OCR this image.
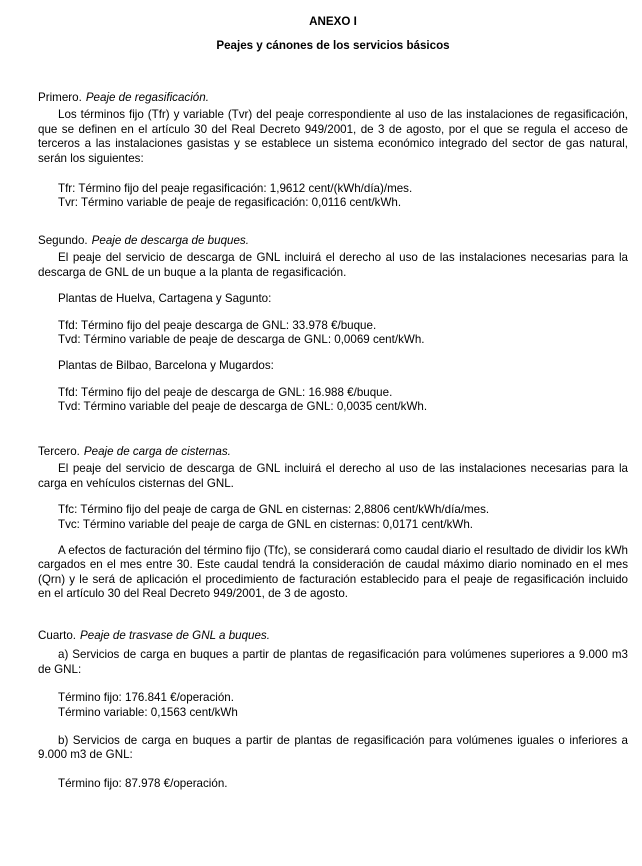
ANEXO I
Peajes y cánones de los servicios básicos

Primero. Peaje de regasificación.

Los términos fijo (Tfr) y variable (Tvr) del peaje correspondiente al uso de las instalaciones de regasificación, que se definen en el artículo 30 del Real Decreto 949/2001, de 3 de agosto, por el que se regula el acceso de terceros a las instalaciones gasistas y se establece un sistema económico integrado del sector de gas natural, serán los siguientes:

Tfr: Término fijo del peaje regasificación: 1,9612 cent/(kWh/día)/mes.

Tvr: Término variable de peaje de regasificación: 0,0116 cent/kWh.

Segundo. Peaje de descarga de buques.

El peaje del servicio de descarga de GNL incluirá el derecho al uso de las instalaciones necesarias para la descarga de GNL de un buque a la planta de regasificación.

Plantas de Huelva, Cartagena y Sagunto:

Tfd: Término fijo del peaje descarga de GNL: 33.978 €/buque.

Tvd: Término variable de peaje de descarga de GNL: 0,0069 cent/kWh.

Plantas de Bilbao, Barcelona y Mugardos:

Tfd: Término fijo del peaje de descarga de GNL: 16.988 €/buque.

Tvd: Término variable del peaje de descarga de GNL: 0,0035 cent/kWh.

Tercero. Peaje de carga de cisternas.

El peaje del servicio de descarga de GNL incluirá el derecho al uso de las instalaciones necesarias para la carga en vehículos cisternas del GNL.

Tfc: Término fijo del peaje de carga de GNL en cisternas: 2,8806 cent/kWh/día/mes.

Tvc: Término variable del peaje de carga de GNL en cisternas: 0,0171 cent/kWh.

A efectos de facturación del término fijo (Tfc), se considerará como caudal diario el resultado de dividir los kWh cargados en el mes entre 30. Este caudal tendrá la consideración de caudal máximo diario nominado en el mes (Qrn) y le será de aplicación el procedimiento de facturación establecido para el peaje de regasificación incluido en el artículo 30 del Real Decreto 949/2001, de 3 de agosto.

Cuarto. Peaje de trasvase de GNL a buques.

a) Servicios de carga en buques a partir de plantas de regasificación para volúmenes superiores a 9.000 m3 de GNL:

Término fijo: 176.841 €/operación.

Término variable: 0,1563 cent/kWh

b) Servicios de carga en buques a partir de plantas de regasificación para volúmenes iguales o inferiores a 9.000 m3 de GNL:

Término fijo: 87.978 €/operación.
